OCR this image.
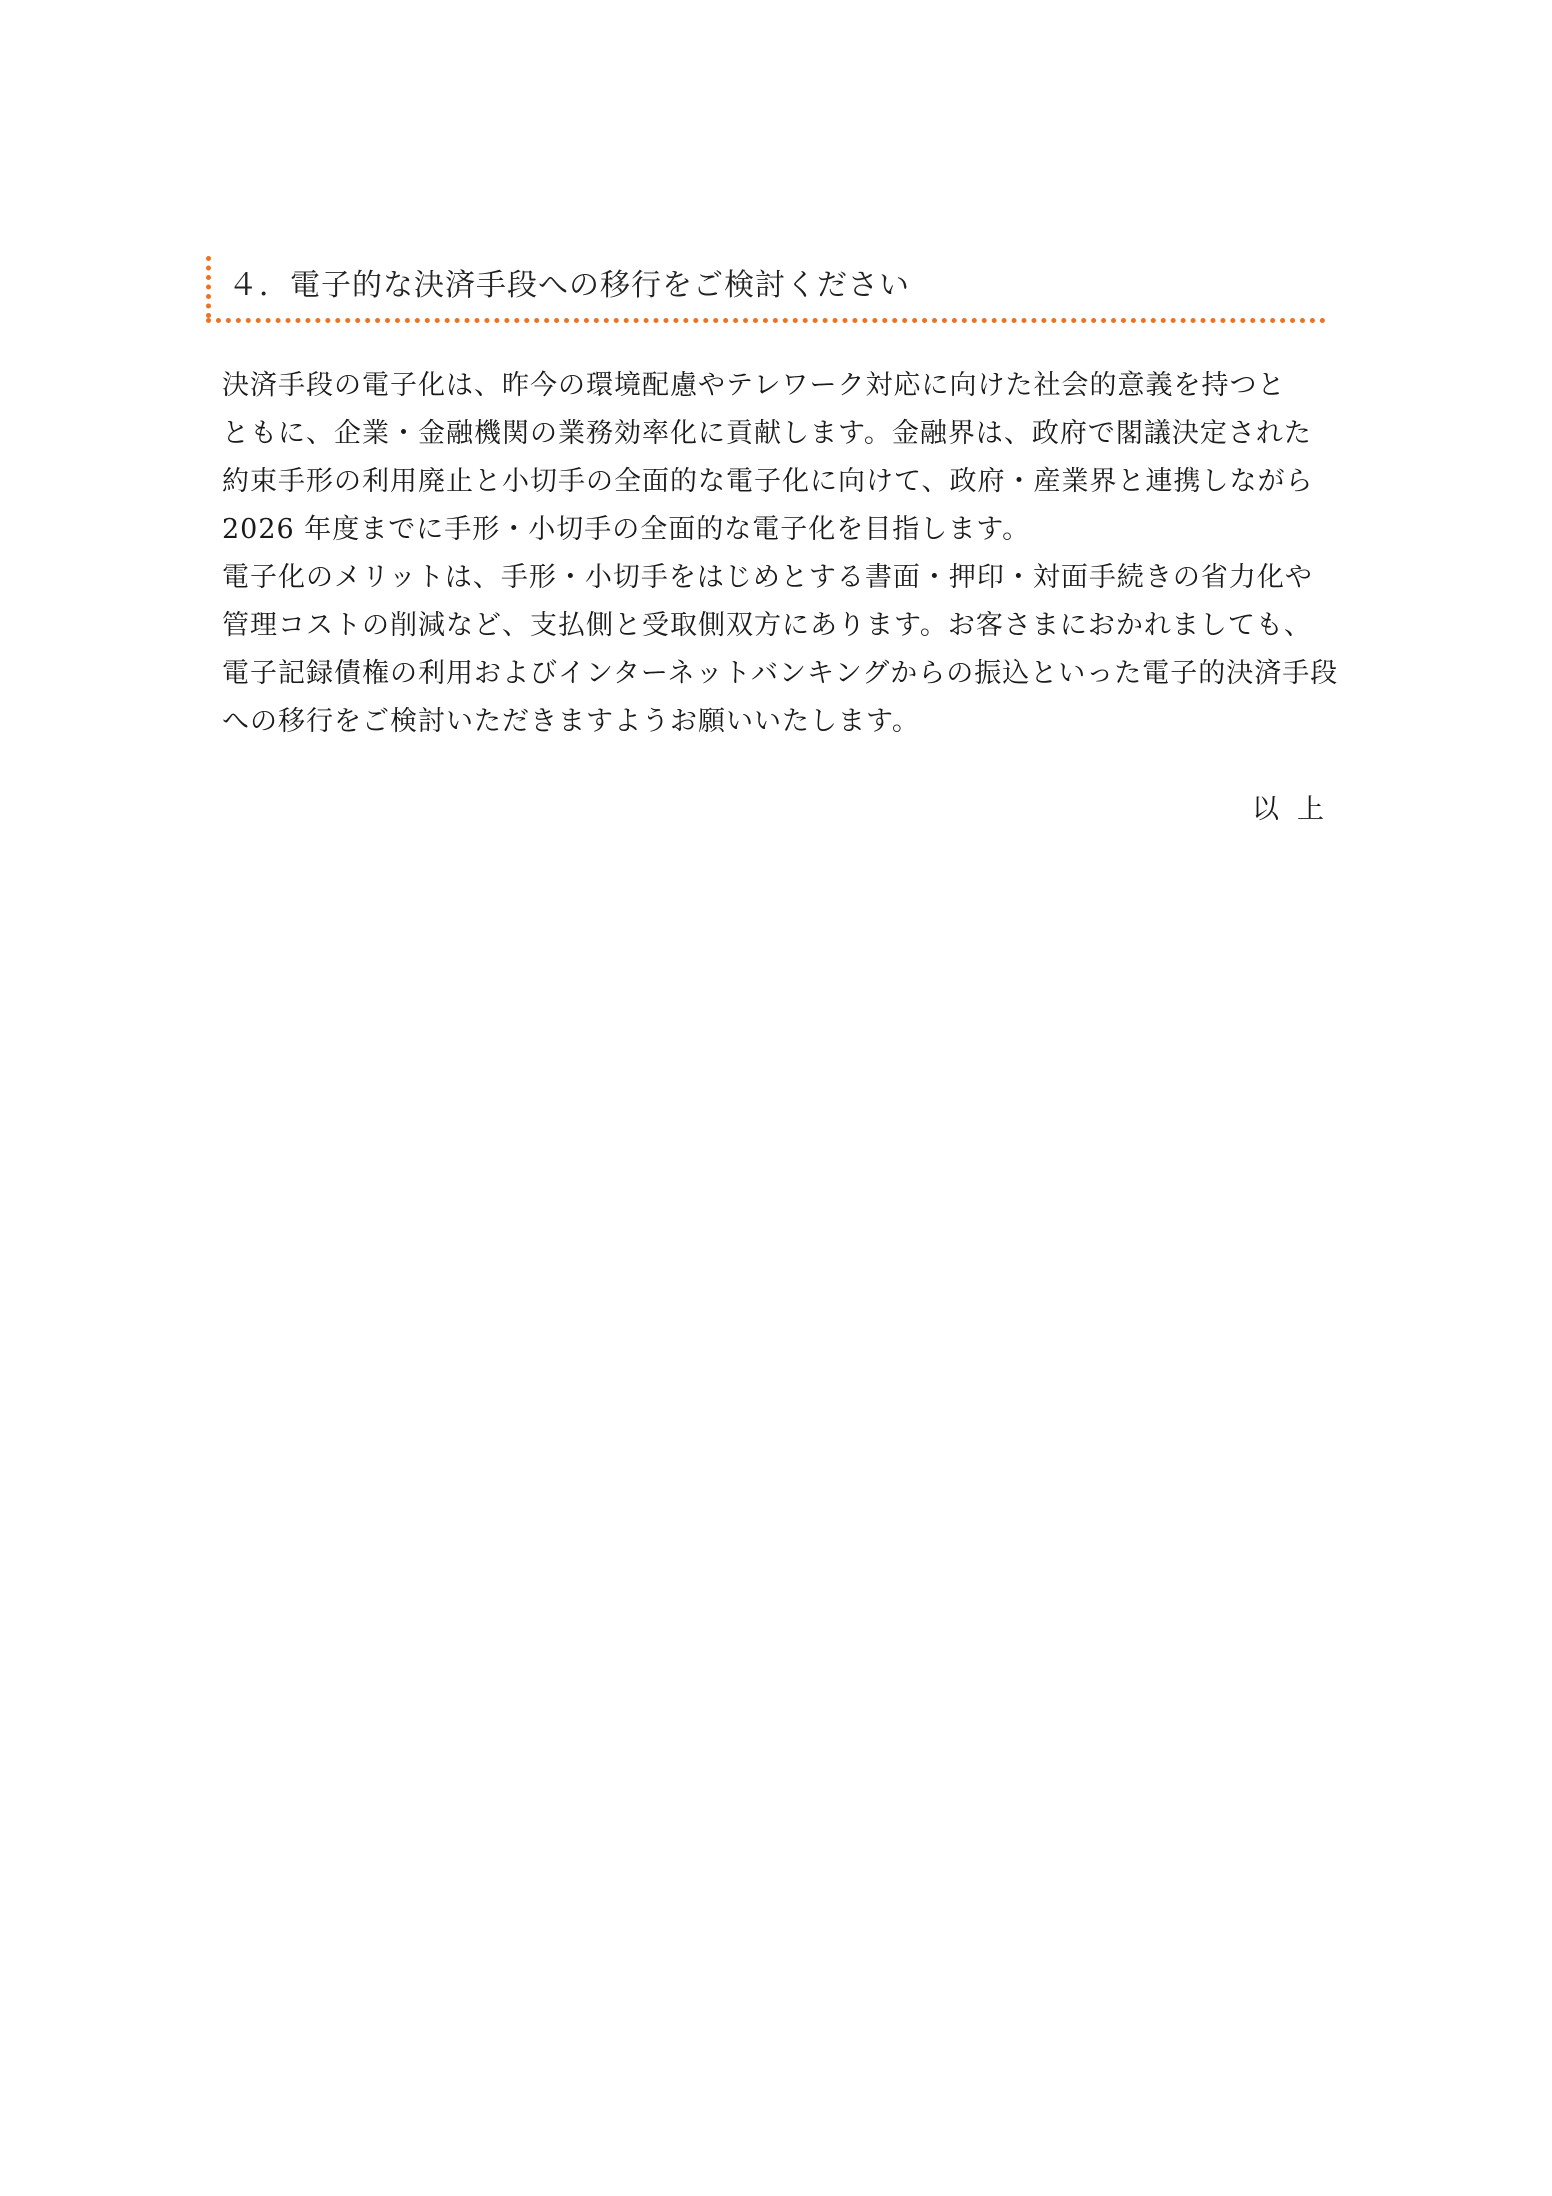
４．電子的な決済手段への移行をご検討ください
決済手段の電子化は、昨今の環境配慮やテレワーク対応に向けた社会的意義を持つと
ともに、企業・金融機関の業務効率化に貢献します。金融界は、政府で閣議決定された
約束手形の利用廃止と小切手の全面的な電子化に向けて、政府・産業界と連携しながら
2026 年度までに手形・小切手の全面的な電子化を目指します。
電子化のメリットは、手形・小切手をはじめとする書面・押印・対面手続きの省力化や
管理コストの削減など、支払側と受取側双方にあります。お客さまにおかれましても、
電子記録債権の利用およびインターネットバンキングからの振込といった電子的決済手段
への移行をご検討いただきますようお願いいたします。
以上
